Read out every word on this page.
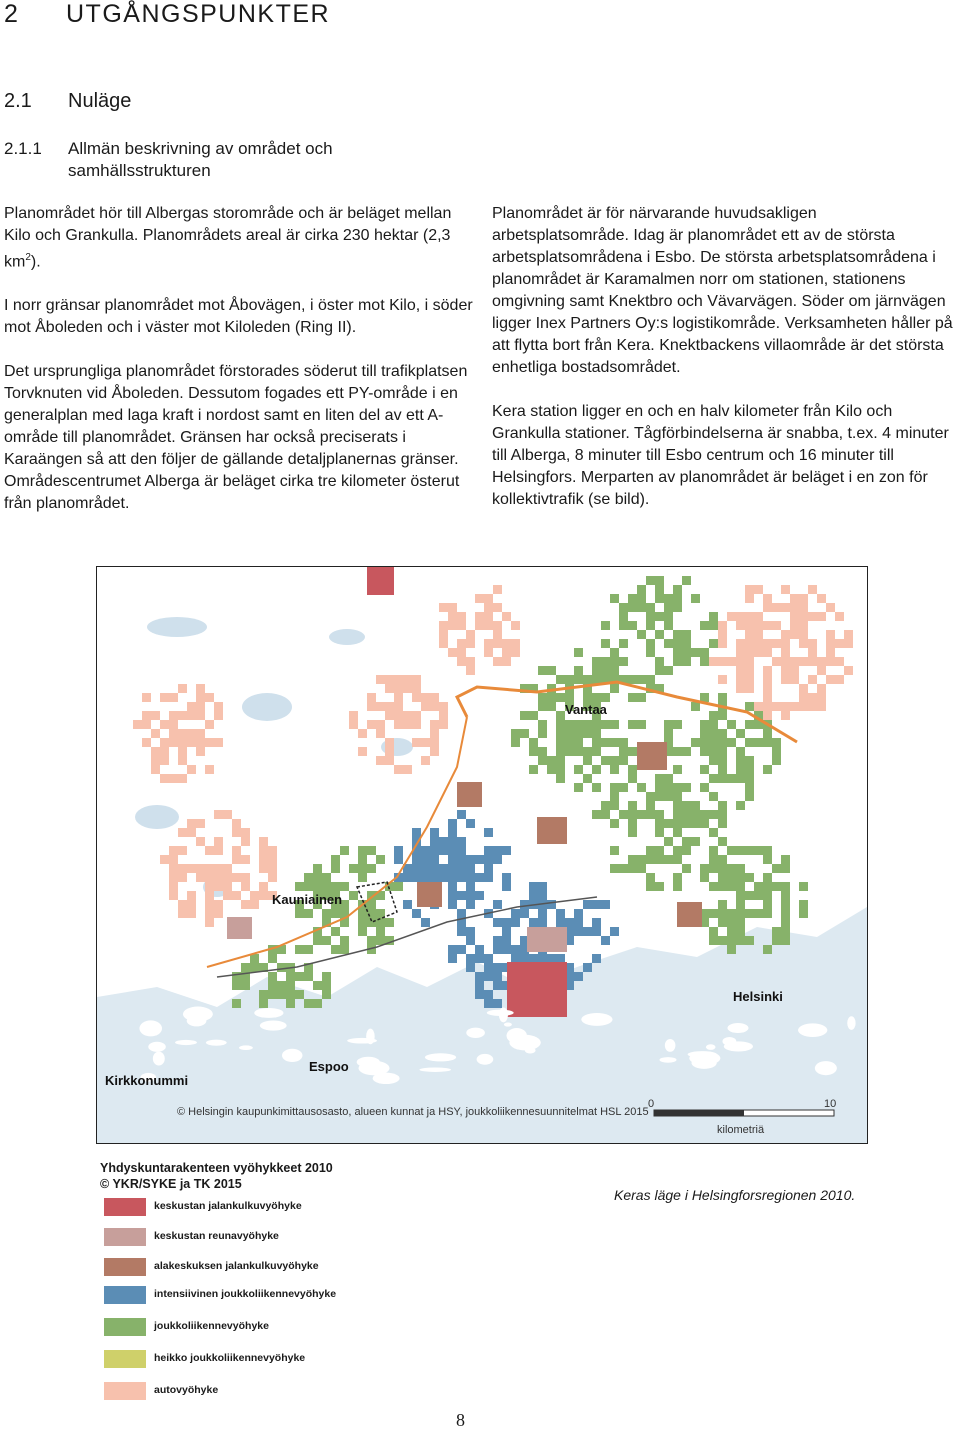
2 UTGÅNGSPUNKTER
2.1 Nuläge
2.1.1 Allmän beskrivning av området och samhällsstrukturen

Planområdet hör till Albergas storområde och är beläget mellan Kilo och Grankulla. Planområdets areal är cirka 230 hektar (2,3 $km^2$).

I norr gränsar planområdet mot Åbovägen, i öster mot Kilo, i söder mot Åboleden och i väster mot Kiloleden (Ring II).

Det ursprungliga planområdet förstorades söderut till trafikplatsen Torvknuten vid Åboleden. Dessutom fogades ett PY-område i en generalplan med laga kraft i nordost samt en liten del av ett A-område till planområdet. Gränsen har också preciserats i Karaängen så att den följer de gällande detaljplanernas gränser. Områdescentrumet Alberga är beläget cirka tre kilometer österut från planområdet.

Planområdet är för närvarande huvudsakligen arbetsplatsområde. Idag är planområdet ett av de största arbetsplatsområdena i Esbo. De största arbetsplatsområdena i planområdet är Karamalmen norr om stationen, stationens omgivning samt Knektbro och Vävarvägen. Söder om järnvägen ligger Inex Partners Oy:s logistikområde. Verksamheten håller på att flytta bort från Kera. Knektbackens villaområde är det största enhetliga bostadsområdet.

Kera station ligger en och en halv kilometer från Kilo och Grankulla stationer. Tågförbindelserna är snabba, t.ex. 4 minuter till Alberga, 8 minuter till Esbo centrum och 16 minuter till Helsingfors. Merparten av planområdet är beläget i en zon för kollektivtrafik (se bild).

Vantaa
Kauniainen
Helsinki
Espoo
Kirkkonummi
© Helsingin kaupunkimittausosasto, alueen kunnat ja HSY, joukkoliikennesuunnitelmat HSL 2015
0	10
kilometriä
Yhdyskuntarakenteen vyöhykkeet 2010
© YKR/SYKE ja TK 2015
keskustan jalankulkuvyöhyke
keskustan reunavyöhyke
alakeskuksen jalankulkuvyöhyke
intensiivinen joukkoliikennevyöhyke
joukkoliikennevyöhyke
heikko joukkoliikennevyöhyke
autovyöhyke
Keras läge i Helsingforsregionen 2010.
8
